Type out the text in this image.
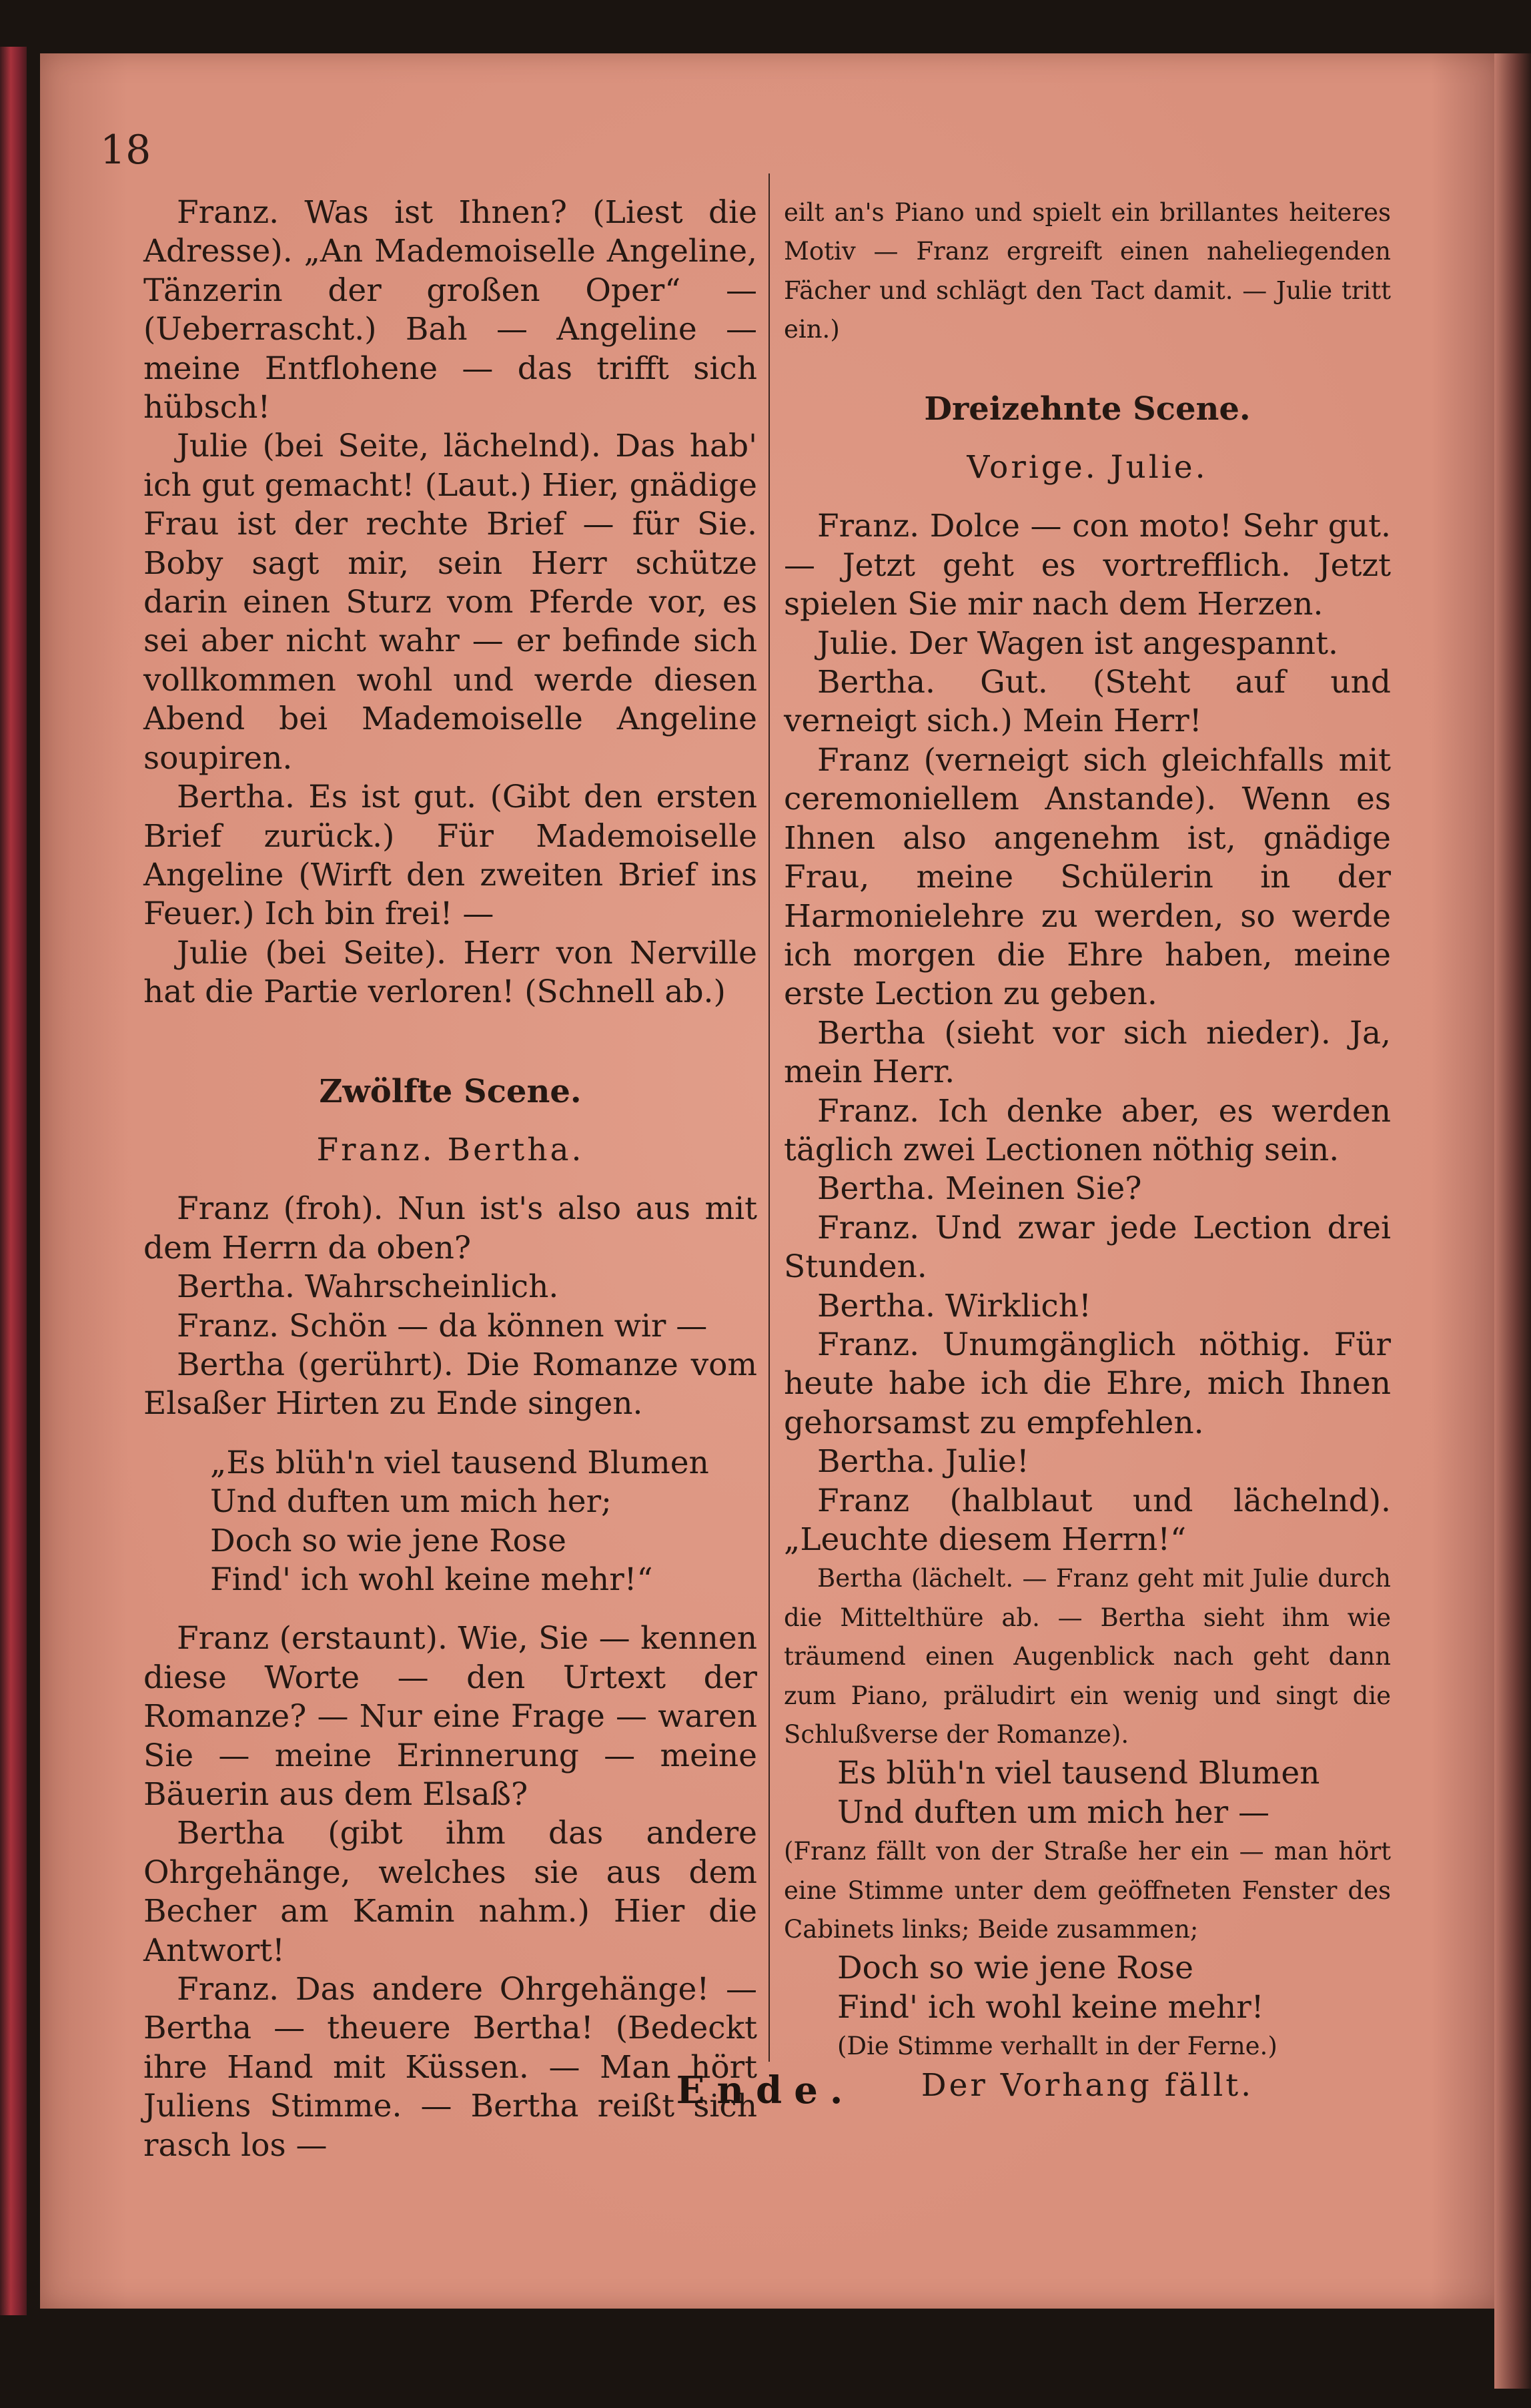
18

Franz. Was ist Ihnen? (Liest die Adresse). „An Mademoiselle Angeline, Tänzerin der großen Oper“ — (Ueberrascht.) Bah — Angeline — meine Entflohene — das trifft sich hübsch!

Julie (bei Seite, lächelnd). Das hab' ich gut gemacht! (Laut.) Hier, gnädige Frau ist der rechte Brief — für Sie. Boby sagt mir, sein Herr schütze darin einen Sturz vom Pferde vor, es sei aber nicht wahr — er befinde sich vollkommen wohl und werde diesen Abend bei Mademoiselle Angeline soupiren.

Bertha. Es ist gut. (Gibt den ersten Brief zurück.) Für Mademoiselle Angeline (Wirft den zweiten Brief ins Feuer.) Ich bin frei! —

Julie (bei Seite). Herr von Nerville hat die Partie verloren! (Schnell ab.)

Zwölfte Scene.

Franz. Bertha.

Franz (froh). Nun ist's also aus mit dem Herrn da oben?

Bertha. Wahrscheinlich.

Franz. Schön — da können wir —

Bertha (gerührt). Die Romanze vom Elsaßer Hirten zu Ende singen.

„Es blüh'n viel tausend Blumen

Und duften um mich her;

Doch so wie jene Rose

Find' ich wohl keine mehr!“

Franz (erstaunt). Wie, Sie — kennen diese Worte — den Urtext der Romanze? — Nur eine Frage — waren Sie — meine Erinnerung — meine Bäuerin aus dem Elsaß?

Bertha (gibt ihm das andere Ohrgehänge, welches sie aus dem Becher am Kamin nahm.) Hier die Antwort!

Franz. Das andere Ohrgehänge! — Bertha — theuere Bertha! (Bedeckt ihre Hand mit Küssen. — Man hört Juliens Stimme. — Bertha reißt sich rasch los —

eilt an's Piano und spielt ein brillantes heiteres Motiv — Franz ergreift einen naheliegenden Fächer und schlägt den Tact damit. — Julie tritt ein.)

Dreizehnte Scene.

Vorige. Julie.

Franz. Dolce — con moto! Sehr gut. — Jetzt geht es vortrefflich. Jetzt spielen Sie mir nach dem Herzen.

Julie. Der Wagen ist angespannt.

Bertha. Gut. (Steht auf und verneigt sich.) Mein Herr!

Franz (verneigt sich gleichfalls mit ceremoniellem Anstande). Wenn es Ihnen also angenehm ist, gnädige Frau, meine Schülerin in der Harmonielehre zu werden, so werde ich morgen die Ehre haben, meine erste Lection zu geben.

Bertha (sieht vor sich nieder). Ja, mein Herr.

Franz. Ich denke aber, es werden täglich zwei Lectionen nöthig sein.

Bertha. Meinen Sie?

Franz. Und zwar jede Lection drei Stunden.

Bertha. Wirklich!

Franz. Unumgänglich nöthig. Für heute habe ich die Ehre, mich Ihnen gehorsamst zu empfehlen.

Bertha. Julie!

Franz (halblaut und lächelnd). „Leuchte diesem Herrn!“

Bertha (lächelt. — Franz geht mit Julie durch die Mittelthüre ab. — Bertha sieht ihm wie träumend einen Augenblick nach geht dann zum Piano, präludirt ein wenig und singt die Schlußverse der Romanze).

Es blüh'n viel tausend Blumen

Und duften um mich her —

(Franz fällt von der Straße her ein — man hört eine Stimme unter dem geöffneten Fenster des Cabinets links; Beide zusammen;

Doch so wie jene Rose

Find' ich wohl keine mehr!

(Die Stimme verhallt in der Ferne.)

Der Vorhang fällt.

Ende.
